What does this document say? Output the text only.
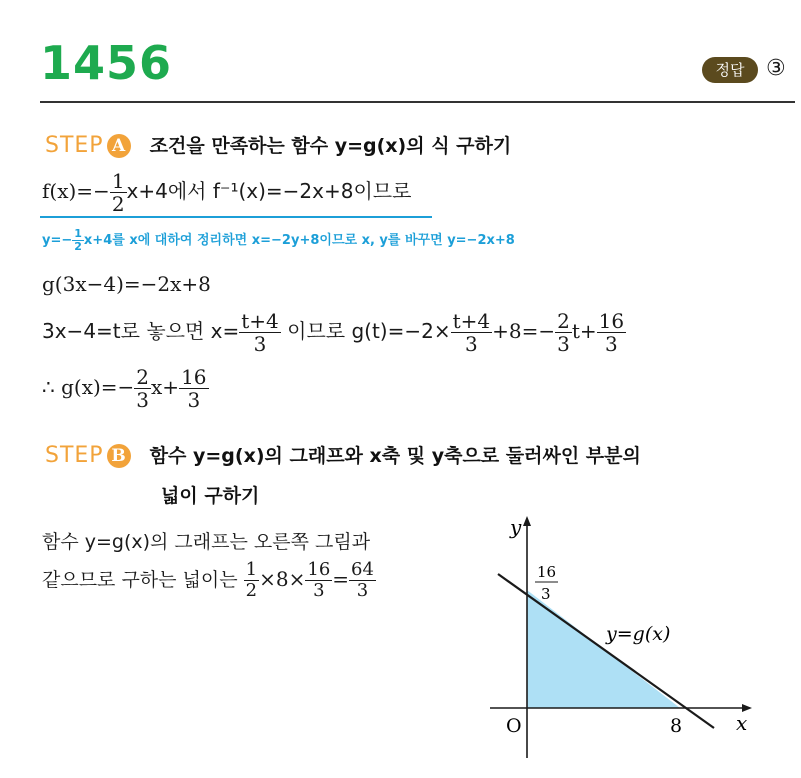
1456	정답 ③
STEP A 조건을 만족하는 함수 y=g(x)의 식 구하기
$f(x)=- \frac{1}{2} x+4$에서 f⁻¹(x)=−2x+8이므로
$y=- \frac{1}{2} x+4$를 x에 대하여 정리하면 x=−2y+8이므로 x, y를 바꾸면 y=−2x+8
g(3x−4)=−2x+8
3x−4=t로 놓으면 $x= \frac{t+4}{3}$ 이므로 $g(t)=-2\times \frac{t+4}{3} +8=- \frac{2}{3} t+ \frac{16}{3}$
∴ $g(x)=- \frac{2}{3} x+ \frac{16}{3}$
STEP B 함수 y=g(x)의 그래프와 x축 및 y축으로 둘러싸인 부분의
넓이 구하기
함수 y=g(x)의 그래프는 오른쪽 그림과
같으므로 구하는 넓이는 $\frac{1}{2} \times 8\times \frac{16}{3} = \frac{64}{3}$
y
x
O	8
16
3
y=g(x)
